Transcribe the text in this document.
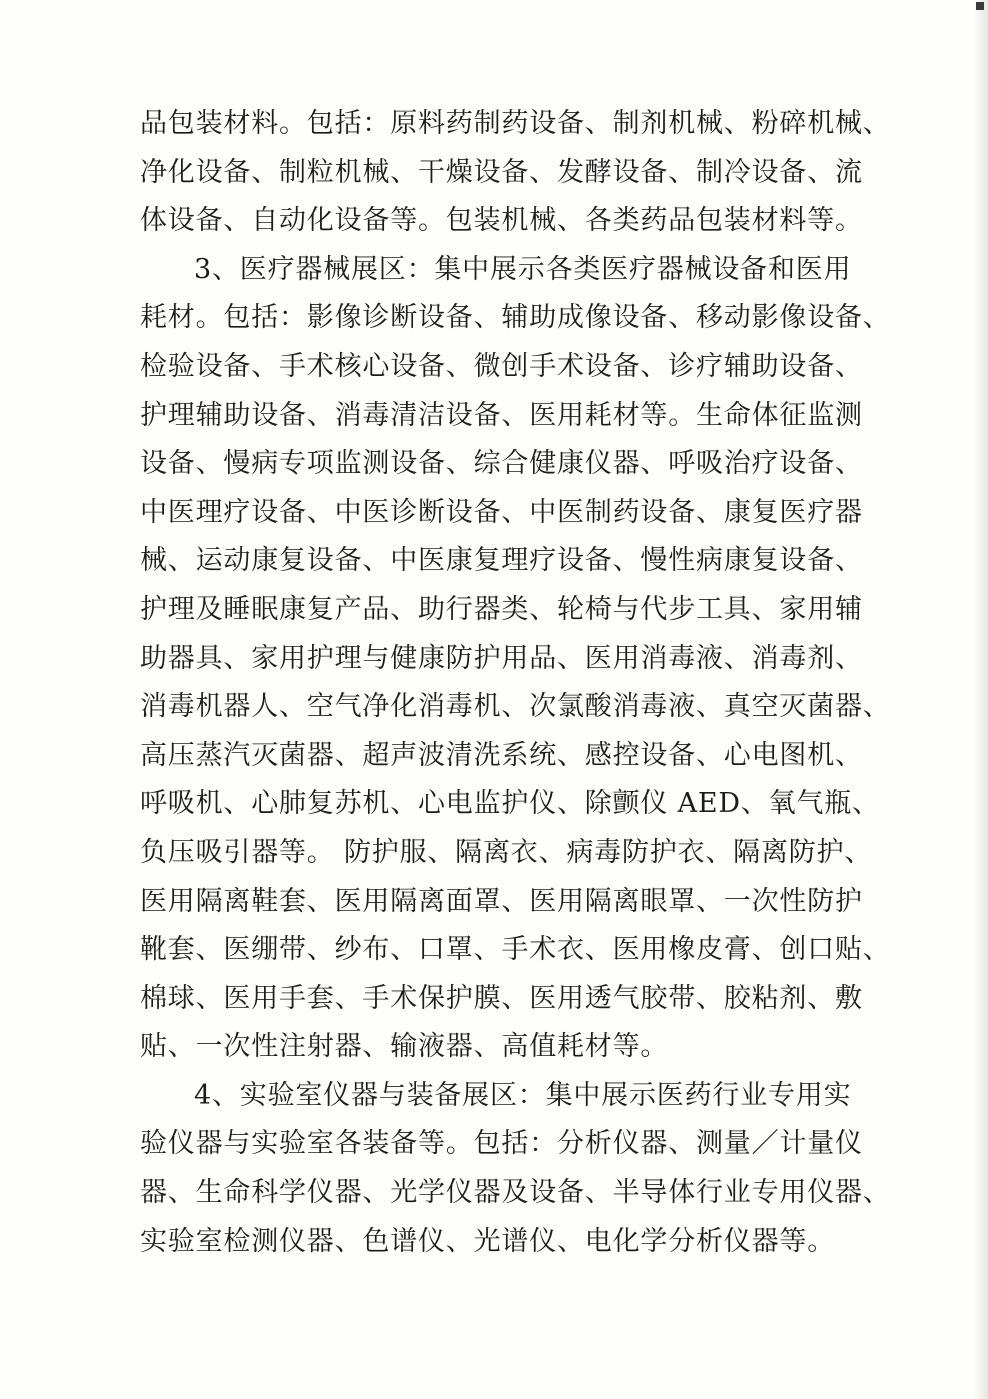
品包装材料。包括：原料药制药设备、制剂机械、粉碎机械、
净化设备、制粒机械、干燥设备、发酵设备、制冷设备、流
体设备、自动化设备等。包装机械、各类药品包装材料等。
3、医疗器械展区：集中展示各类医疗器械设备和医用
耗材。包括：影像诊断设备、辅助成像设备、移动影像设备、
检验设备、手术核心设备、微创手术设备、诊疗辅助设备、
护理辅助设备、消毒清洁设备、医用耗材等。生命体征监测
设备、慢病专项监测设备、综合健康仪器、呼吸治疗设备、
中医理疗设备、中医诊断设备、中医制药设备、康复医疗器
械、运动康复设备、中医康复理疗设备、慢性病康复设备、
护理及睡眠康复产品、助行器类、轮椅与代步工具、家用辅
助器具、家用护理与健康防护用品、医用消毒液、消毒剂、
消毒机器人、空气净化消毒机、次氯酸消毒液、真空灭菌器、
高压蒸汽灭菌器、超声波清洗系统、感控设备、心电图机、
呼吸机、心肺复苏机、心电监护仪、除颤仪 AED、氧气瓶、
负压吸引器等。 防护服、隔离衣、病毒防护衣、隔离防护、
医用隔离鞋套、医用隔离面罩、医用隔离眼罩、一次性防护
靴套、医绷带、纱布、口罩、手术衣、医用橡皮膏、创口贴、
棉球、医用手套、手术保护膜、医用透气胶带、胶粘剂、敷
贴、一次性注射器、输液器、高值耗材等。
4、实验室仪器与装备展区：集中展示医药行业专用实
验仪器与实验室各装备等。包括：分析仪器、测量／计量仪
器、生命科学仪器、光学仪器及设备、半导体行业专用仪器、
实验室检测仪器、色谱仪、光谱仪、电化学分析仪器等。
